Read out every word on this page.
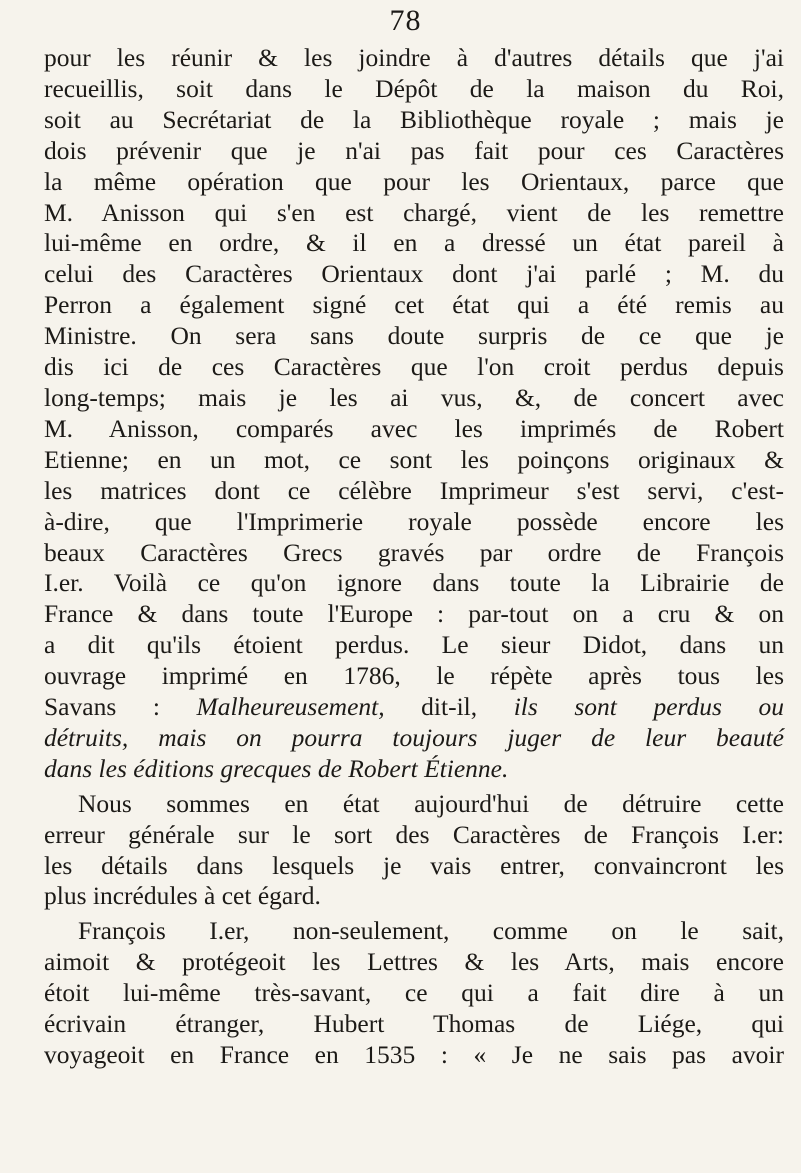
78
pour les réunir & les joindre à d'autres détails que j'ai
recueillis, soit dans le Dépôt de la maison du Roi,
soit au Secrétariat de la Bibliothèque royale ; mais je
dois prévenir que je n'ai pas fait pour ces Caractères
la même opération que pour les Orientaux, parce que
M. Anisson qui s'en est chargé, vient de les remettre
lui-même en ordre, & il en a dressé un état pareil à
celui des Caractères Orientaux dont j'ai parlé ; M. du
Perron a également signé cet état qui a été remis au
Ministre. On sera sans doute surpris de ce que je
dis ici de ces Caractères que l'on croit perdus depuis
long-temps; mais je les ai vus, &, de concert avec
M. Anisson, comparés avec les imprimés de Robert
Etienne; en un mot, ce sont les poinçons originaux &
les matrices dont ce célèbre Imprimeur s'est servi, c'est-
à-dire, que l'Imprimerie royale possède encore les
beaux Caractères Grecs gravés par ordre de François
I.er. Voilà ce qu'on ignore dans toute la Librairie de
France & dans toute l'Europe : par-tout on a cru & on
a dit qu'ils étoient perdus. Le sieur Didot, dans un
ouvrage imprimé en 1786, le répète après tous les
Savans : Malheureusement, dit-il, ils sont perdus ou
détruits, mais on pourra toujours juger de leur beauté
dans les éditions grecques de Robert Étienne.
Nous sommes en état aujourd'hui de détruire cette
erreur générale sur le sort des Caractères de François I.er:
les détails dans lesquels je vais entrer, convaincront les
plus incrédules à cet égard.
François I.er, non-seulement, comme on le sait,
aimoit & protégeoit les Lettres & les Arts, mais encore
étoit lui-même très-savant, ce qui a fait dire à un
écrivain étranger, Hubert Thomas de Liége, qui
voyageoit en France en 1535 : « Je ne sais pas avoir
